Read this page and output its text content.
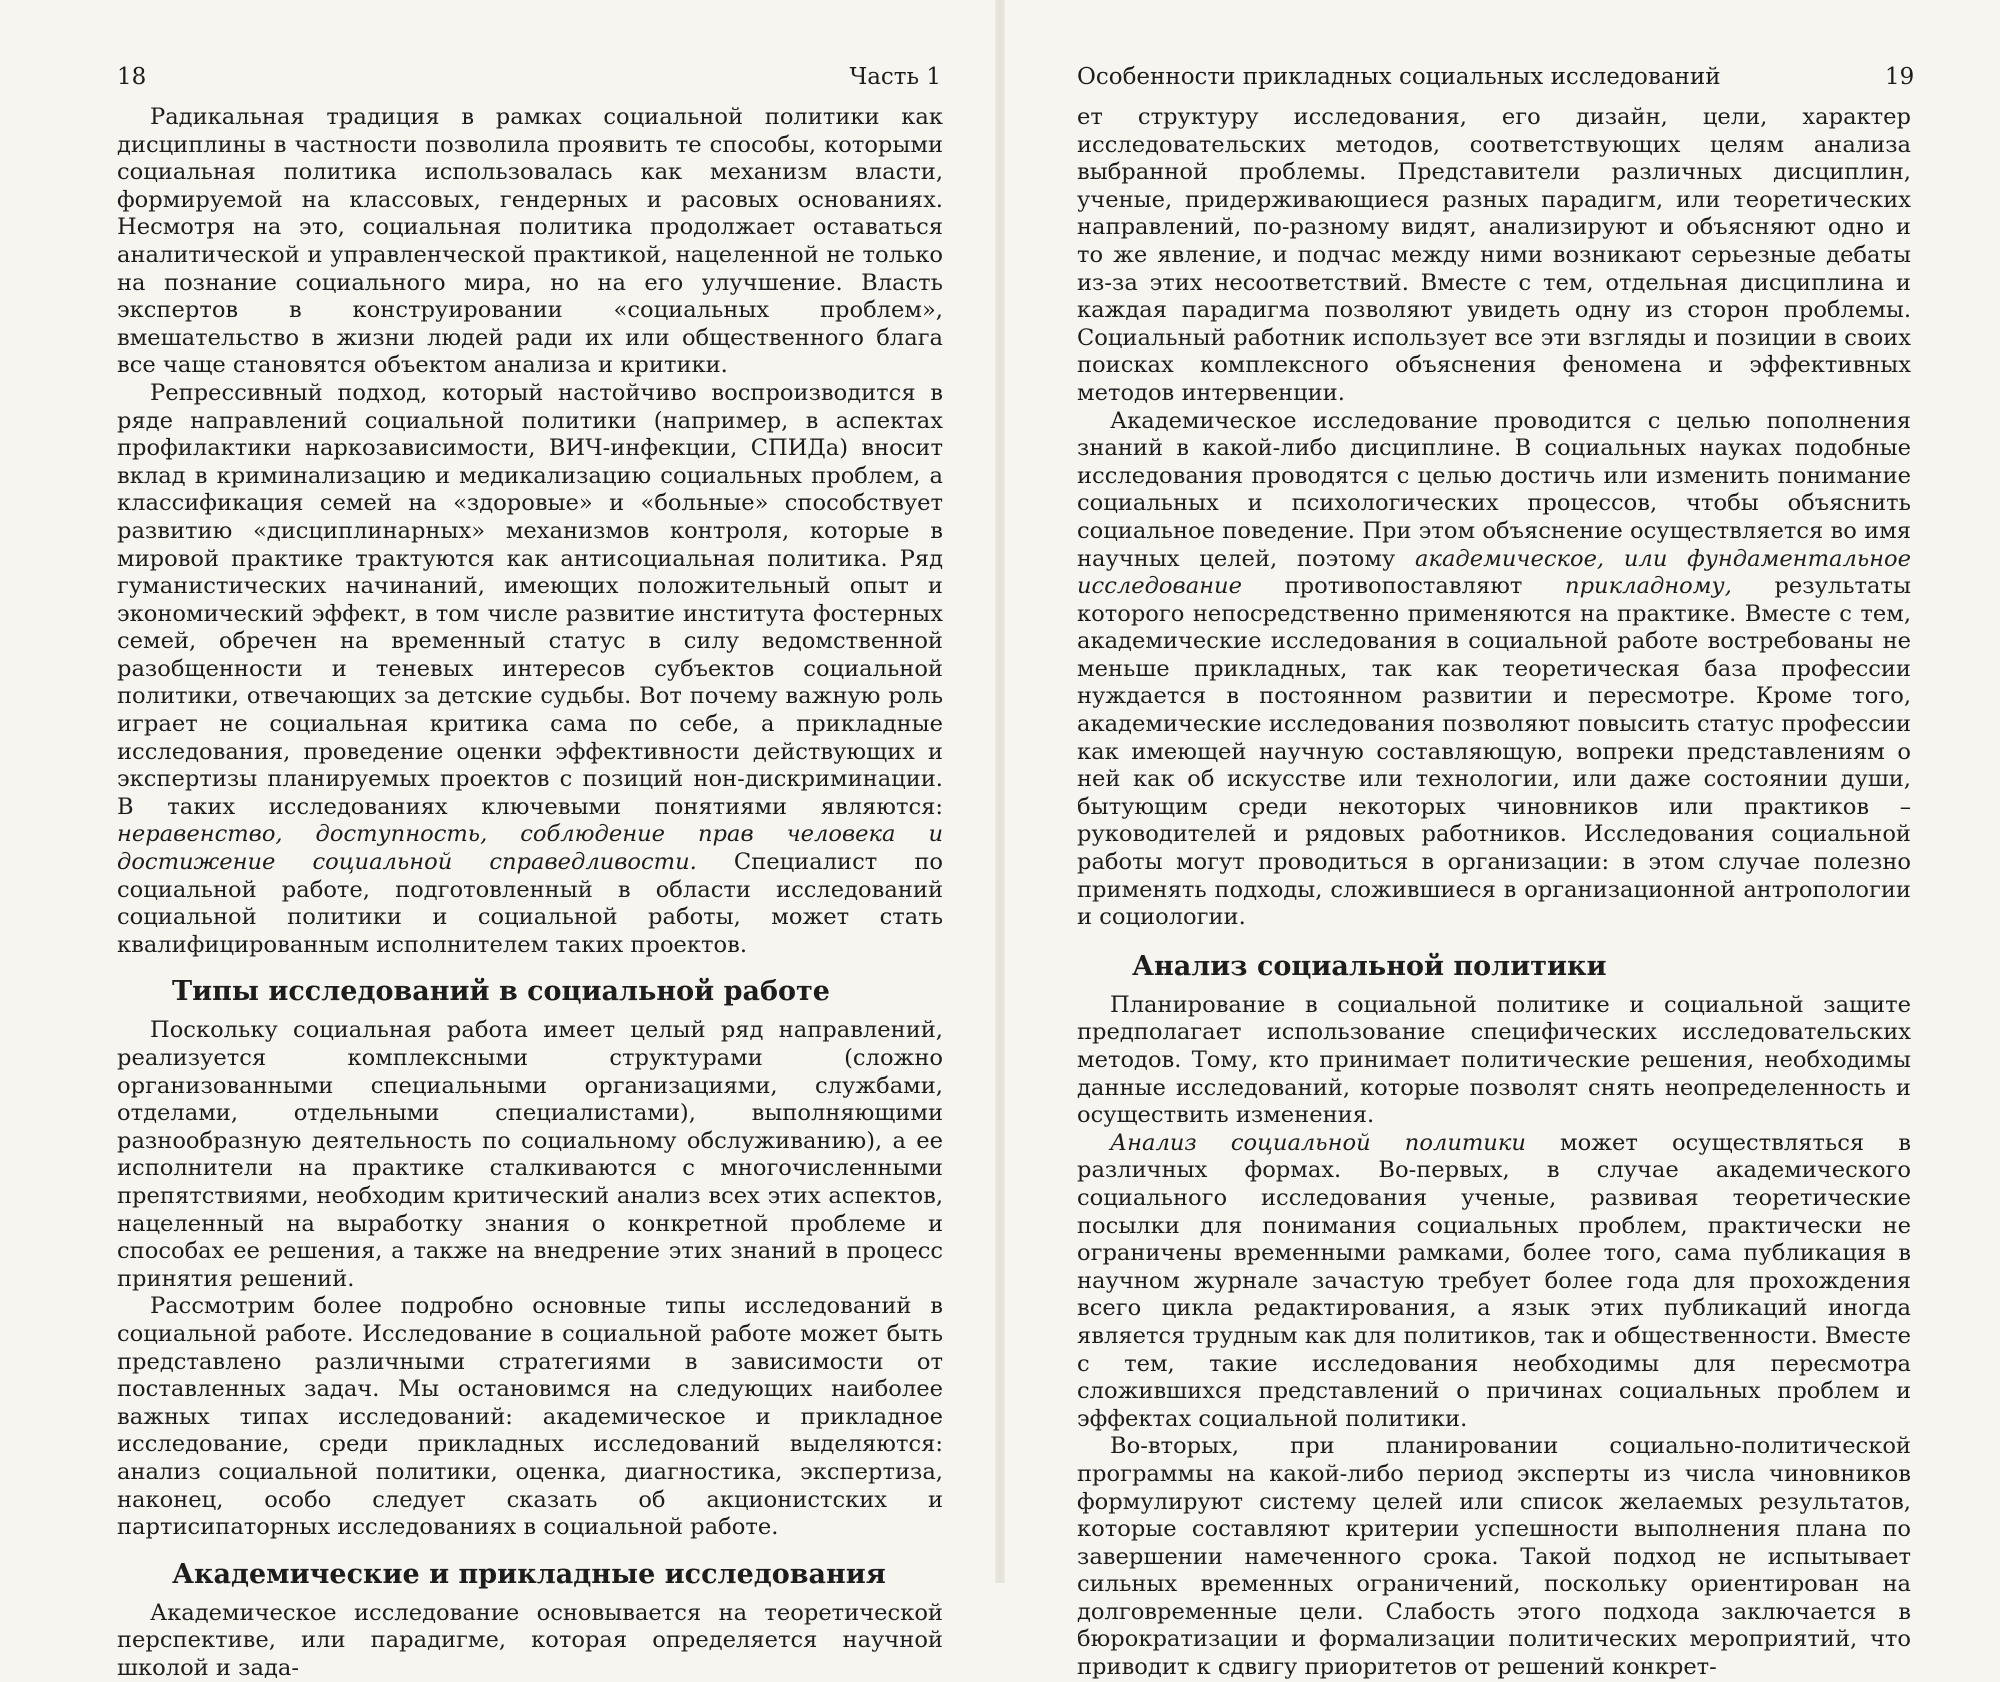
18	Часть 1

Радикальная традиция в рамках социальной политики как дисциплины в частности позволила проявить те способы, которыми социальная политика использовалась как механизм власти, формируемой на классовых, гендерных и расовых основаниях. Несмотря на это, социальная политика продолжает оставаться аналитической и управленческой практикой, нацеленной не только на познание социального мира, но на его улучшение. Власть экспертов в конструировании «социальных проблем», вмешательство в жизни людей ради их или общественного блага все чаще становятся объектом анализа и критики.

Репрессивный подход, который настойчиво воспроизводится в ряде направлений социальной политики (например, в аспектах профилактики наркозависимости, ВИЧ-инфекции, СПИДа) вносит вклад в криминализацию и медикализацию социальных проблем, а классификация семей на «здоровые» и «больные» способствует развитию «дисциплинарных» механизмов контроля, которые в мировой практике трактуются как антисоциальная политика. Ряд гуманистических начинаний, имеющих положительный опыт и экономический эффект, в том числе развитие института фостерных семей, обречен на временный статус в силу ведомственной разобщенности и теневых интересов субъектов социальной политики, отвечающих за детские судьбы. Вот почему важную роль играет не социальная критика сама по себе, а прикладные исследования, проведение оценки эффективности действующих и экспертизы планируемых проектов с позиций нон-дискриминации. В таких исследованиях ключевыми понятиями являются: неравенство, доступность, соблюдение прав человека и достижение социальной справедливости. Специалист по социальной работе, подготовленный в области исследований социальной политики и социальной работы, может стать квалифицированным исполнителем таких проектов.

Типы исследований в социальной работе

Поскольку социальная работа имеет целый ряд направлений, реализуется комплексными структурами (сложно организованными специальными организациями, службами, отделами, отдельными специалистами), выполняющими разнообразную деятельность по социальному обслуживанию), а ее исполнители на практике сталкиваются с многочисленными препятствиями, необходим критический анализ всех этих аспектов, нацеленный на выработку знания о конкретной проблеме и способах ее решения, а также на внедрение этих знаний в процесс принятия решений.

Рассмотрим более подробно основные типы исследований в социальной работе. Исследование в социальной работе может быть представлено различными стратегиями в зависимости от поставленных задач. Мы остановимся на следующих наиболее важных типах исследований: академическое и прикладное исследование, среди прикладных исследований выделяются: анализ социальной политики, оценка, диагностика, экспертиза, наконец, особо следует сказать об акционистских и партисипаторных исследованиях в социальной работе.

Академические и прикладные исследования

Академическое исследование основывается на теоретической перспективе, или парадигме, которая определяется научной школой и зада-

Особенности прикладных социальных исследований	19

ет структуру исследования, его дизайн, цели, характер исследовательских методов, соответствующих целям анализа выбранной проблемы. Представители различных дисциплин, ученые, придерживающиеся разных парадигм, или теоретических направлений, по-разному видят, анализируют и объясняют одно и то же явление, и подчас между ними возникают серьезные дебаты из-за этих несоответствий. Вместе с тем, отдельная дисциплина и каждая парадигма позволяют увидеть одну из сторон проблемы. Социальный работник использует все эти взгляды и позиции в своих поисках комплексного объяснения феномена и эффективных методов интервенции.

Академическое исследование проводится с целью пополнения знаний в какой-либо дисциплине. В социальных науках подобные исследования проводятся с целью достичь или изменить понимание социальных и психологических процессов, чтобы объяснить социальное поведение. При этом объяснение осуществляется во имя научных целей, поэтому академическое, или фундаментальное исследование противопоставляют прикладному, результаты которого непосредственно применяются на практике. Вместе с тем, академические исследования в социальной работе востребованы не меньше прикладных, так как теоретическая база профессии нуждается в постоянном развитии и пересмотре. Кроме того, академические исследования позволяют повысить статус профессии как имеющей научную составляющую, вопреки представлениям о ней как об искусстве или технологии, или даже состоянии души, бытующим среди некоторых чиновников или практиков – руководителей и рядовых работников. Исследования социальной работы могут проводиться в организации: в этом случае полезно применять подходы, сложившиеся в организационной антропологии и социологии.

Анализ социальной политики

Планирование в социальной политике и социальной защите предполагает использование специфических исследовательских методов. Тому, кто принимает политические решения, необходимы данные исследований, которые позволят снять неопределенность и осуществить изменения.

Анализ социальной политики может осуществляться в различных формах. Во-первых, в случае академического социального исследования ученые, развивая теоретические посылки для понимания социальных проблем, практически не ограничены временными рамками, более того, сама публикация в научном журнале зачастую требует более года для прохождения всего цикла редактирования, а язык этих публикаций иногда является трудным как для политиков, так и общественности. Вместе с тем, такие исследования необходимы для пересмотра сложившихся представлений о причинах социальных проблем и эффектах социальной политики.

Во-вторых, при планировании социально-политической программы на какой-либо период эксперты из числа чиновников формулируют систему целей или список желаемых результатов, которые составляют критерии успешности выполнения плана по завершении намеченного срока. Такой подход не испытывает сильных временных ограничений, поскольку ориентирован на долговременные цели. Слабость этого подхода заключается в бюрократизации и формализации политических мероприятий, что приводит к сдвигу приоритетов от решений конкрет-
